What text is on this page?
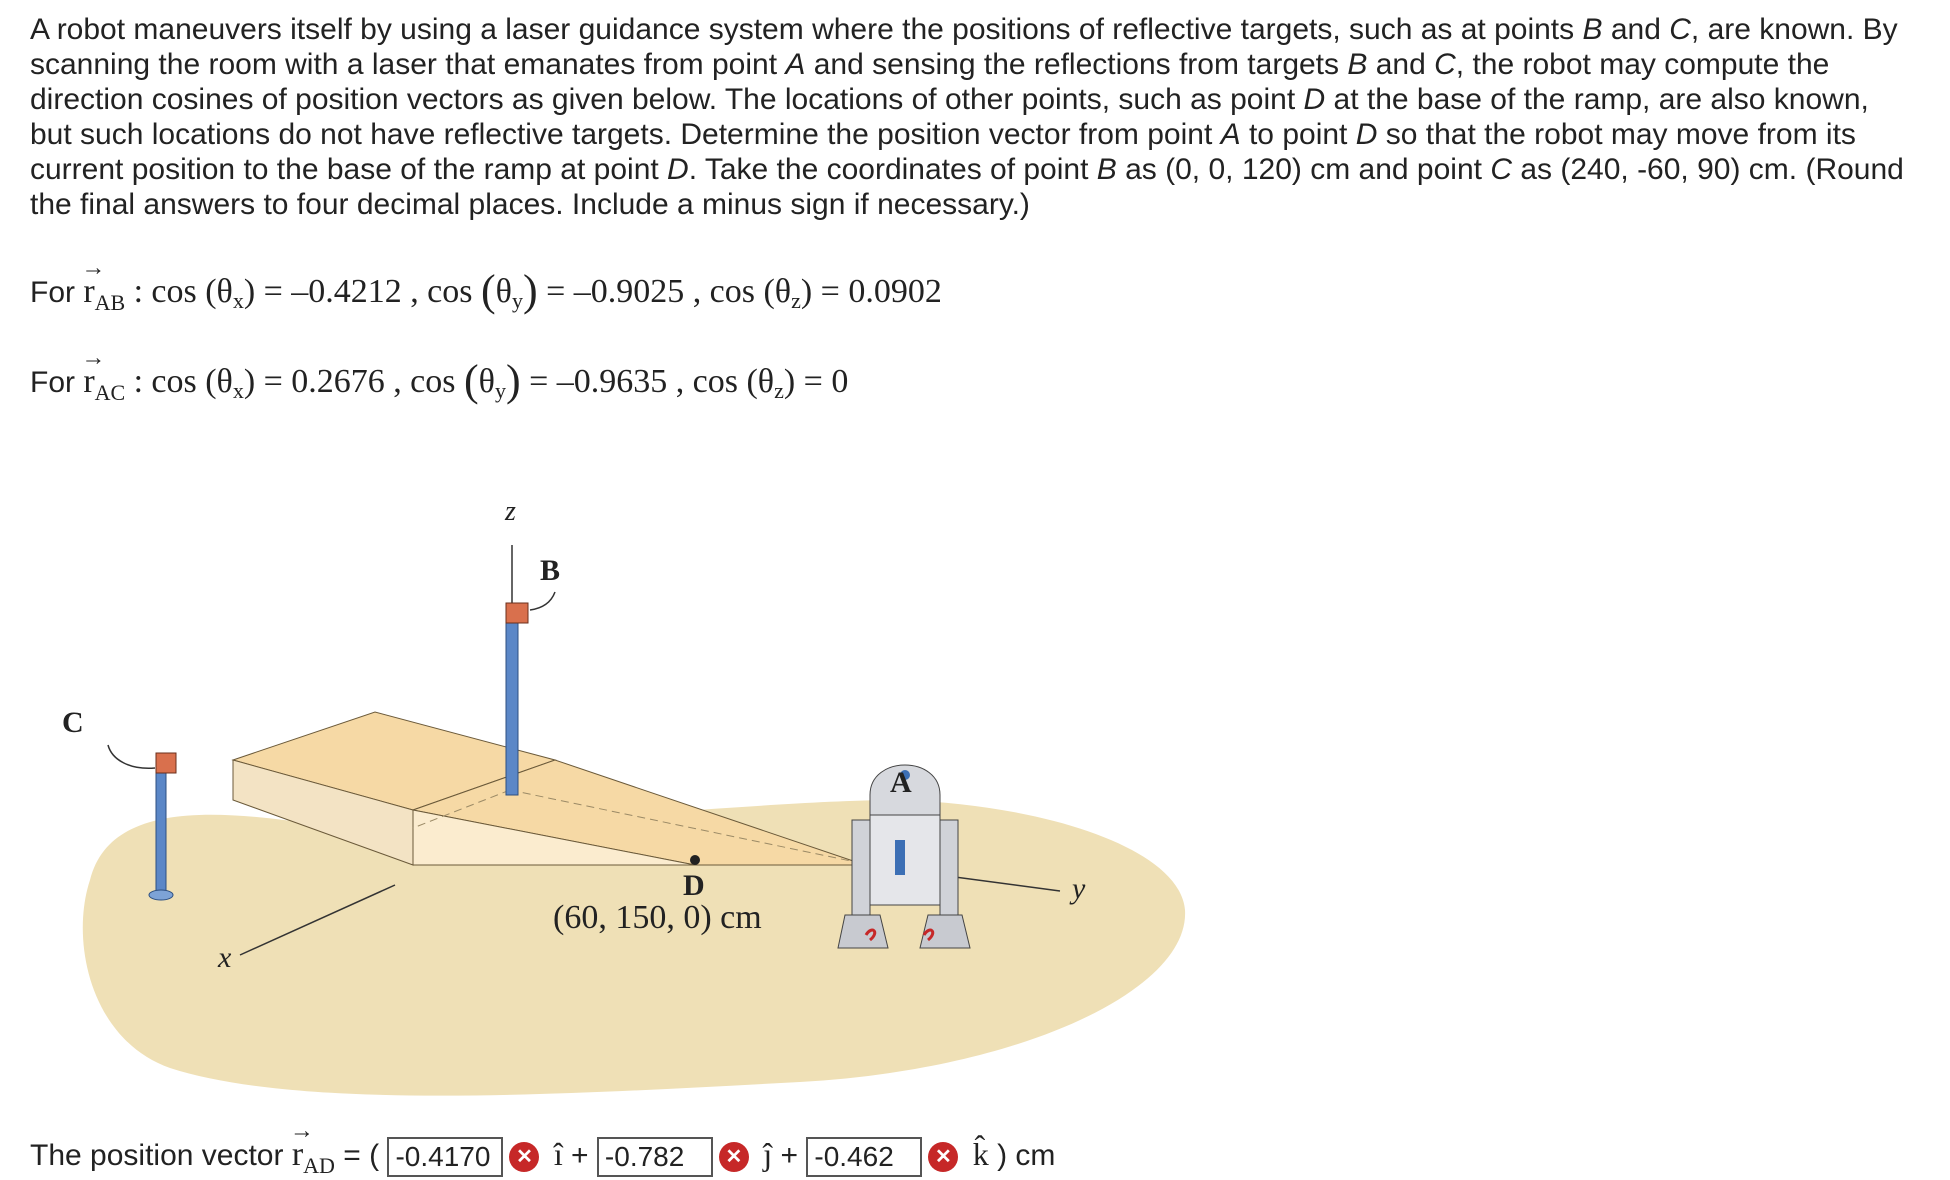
A robot maneuvers itself by using a laser guidance system where the positions of reflective targets, such as at points B and C, are known. By scanning the room with a laser that emanates from point A and sensing the reflections from targets B and C, the robot may compute the direction cosines of position vectors as given below. The locations of other points, such as point D at the base of the ramp, are also known, but such locations do not have reflective targets. Determine the position vector from point A to point D so that the robot may move from its current position to the base of the ramp at point D. Take the coordinates of point B as (0, 0, 120) cm and point C as (240, -60, 90) cm. (Round the final answers to four decimal places. Include a minus sign if necessary.)
For
→
$r_{AB}$ : $\cos (\theta_x) = -0.4212$ , $\cos (\theta_y) = -0.9025$ , $\cos (\theta_z) = 0.0902$
For
→
$r_{AC}$ : $\cos (\theta_x) = 0.2676$ , $\cos (\theta_y) = -0.9635$ , $\cos (\theta_z) = 0$
z
B
C
A
D
(60, 150, 0) cm
x
y
The position vector
→
$r_{AD}$ = ( -0.4170 ✕ î + -0.782 ✕ ĵ + -0.462 ✕ k̂ ) cm
